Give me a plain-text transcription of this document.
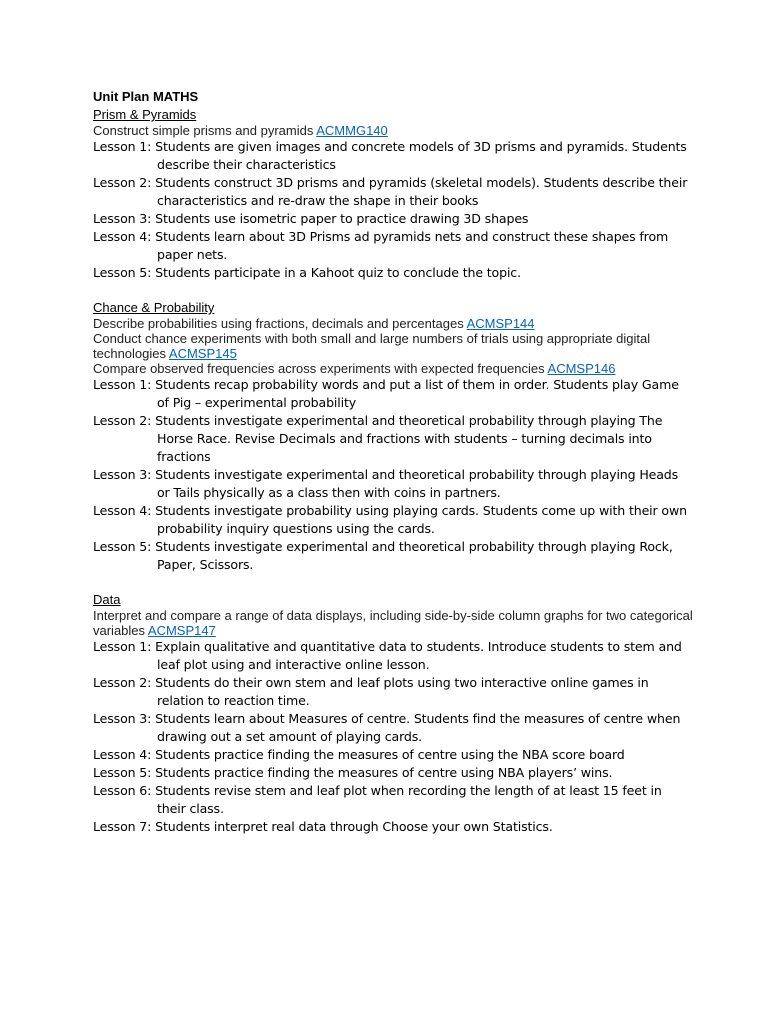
Unit Plan MATHS
Prism & Pyramids
Construct simple prisms and pyramids ACMMG140
Lesson 1: Students are given images and concrete models of 3D prisms and pyramids. Students describe their characteristics
Lesson 2: Students construct 3D prisms and pyramids (skeletal models). Students describe their characteristics and re-draw the shape in their books
Lesson 3: Students use isometric paper to practice drawing 3D shapes
Lesson 4: Students learn about 3D Prisms ad pyramids nets and construct these shapes from paper nets.
Lesson 5: Students participate in a Kahoot quiz to conclude the topic.
Chance & Probability
Describe probabilities using fractions, decimals and percentages ACMSP144
Conduct chance experiments with both small and large numbers of trials using appropriate digital technologies ACMSP145
Compare observed frequencies across experiments with expected frequencies ACMSP146
Lesson 1: Students recap probability words and put a list of them in order. Students play Game of Pig – experimental probability
Lesson 2: Students investigate experimental and theoretical probability through playing The Horse Race. Revise Decimals and fractions with students – turning decimals into fractions
Lesson 3: Students investigate experimental and theoretical probability through playing Heads or Tails physically as a class then with coins in partners.
Lesson 4: Students investigate probability using playing cards. Students come up with their own probability inquiry questions using the cards.
Lesson 5: Students investigate experimental and theoretical probability through playing Rock, Paper, Scissors.
Data
Interpret and compare a range of data displays, including side-by-side column graphs for two categorical variables ACMSP147
Lesson 1: Explain qualitative and quantitative data to students. Introduce students to stem and leaf plot using and interactive online lesson.
Lesson 2: Students do their own stem and leaf plots using two interactive online games in relation to reaction time.
Lesson 3: Students learn about Measures of centre. Students find the measures of centre when drawing out a set amount of playing cards.
Lesson 4: Students practice finding the measures of centre using the NBA score board
Lesson 5: Students practice finding the measures of centre using NBA players’ wins.
Lesson 6: Students revise stem and leaf plot when recording the length of at least 15 feet in their class.
Lesson 7: Students interpret real data through Choose your own Statistics.
